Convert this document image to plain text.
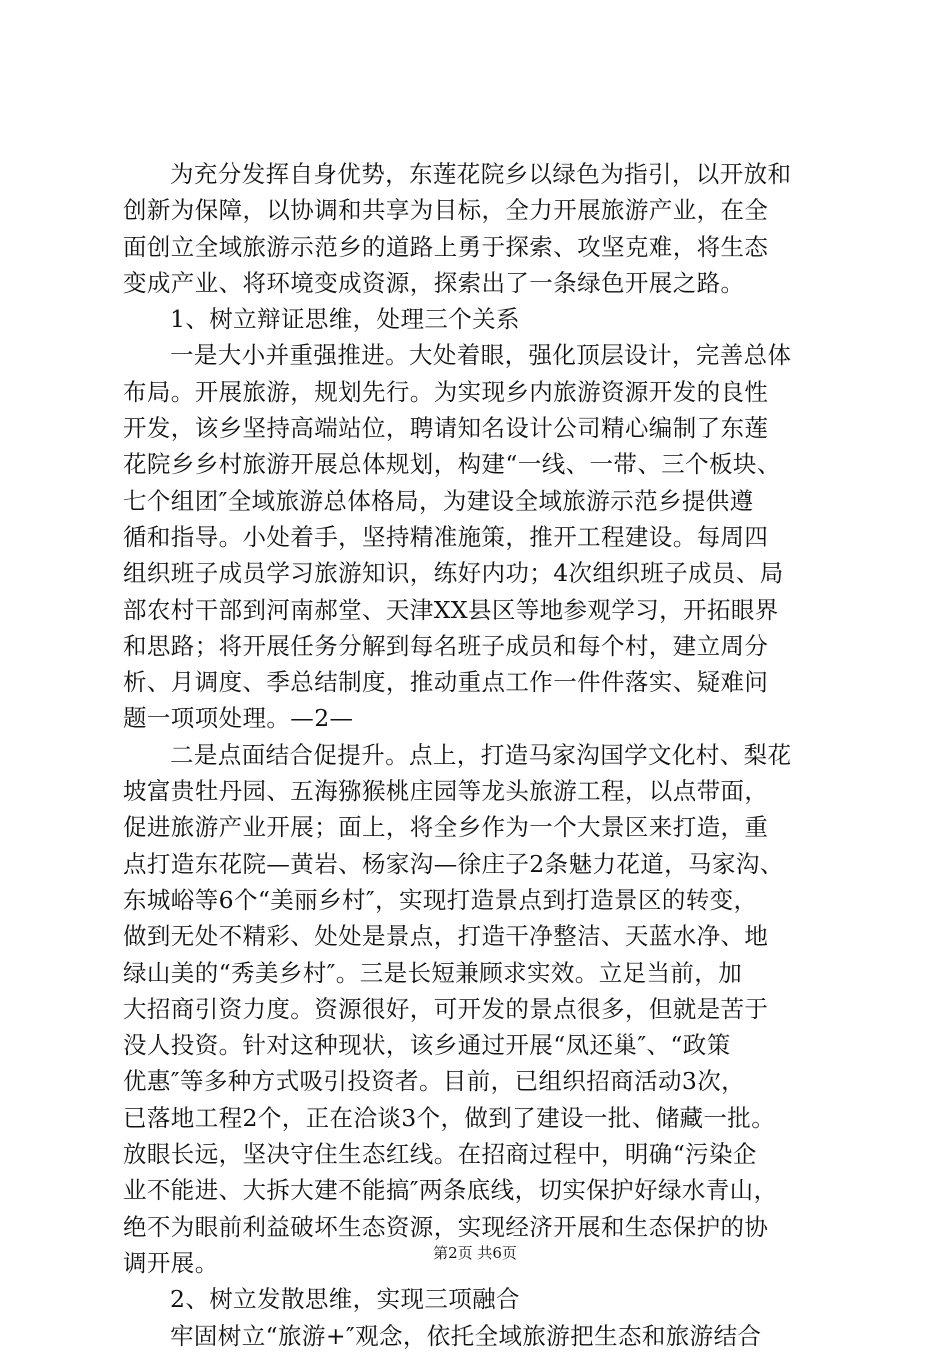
为充分发挥自身优势，东莲花院乡以绿色为指引，以开放和
创新为保障，以协调和共享为目标，全力开展旅游产业，在全
面创立全域旅游示范乡的道路上勇于探索、攻坚克难，将生态
变成产业、将环境变成资源，探索出了一条绿色开展之路。
1、树立辩证思维，处理三个关系
一是大小并重强推进。大处着眼，强化顶层设计，完善总体
布局。开展旅游，规划先行。为实现乡内旅游资源开发的良性
开发，该乡坚持高端站位，聘请知名设计公司精心编制了东莲
花院乡乡村旅游开展总体规划，构建“一线、一带、三个板块、
七个组团″全域旅游总体格局，为建设全域旅游示范乡提供遵
循和指导。小处着手，坚持精准施策，推开工程建设。每周四
组织班子成员学习旅游知识，练好内功；4次组织班子成员、局
部农村干部到河南郝堂、天津XX县区等地参观学习，开拓眼界
和思路；将开展任务分解到每名班子成员和每个村，建立周分
析、月调度、季总结制度，推动重点工作一件件落实、疑难问
题一项项处理。—2—
二是点面结合促提升。点上，打造马家沟国学文化村、梨花
坡富贵牡丹园、五海猕猴桃庄园等龙头旅游工程，以点带面，
促进旅游产业开展；面上，将全乡作为一个大景区来打造，重
点打造东花院—黄岩、杨家沟—徐庄子2条魅力花道，马家沟、
东城峪等6个“美丽乡村″，实现打造景点到打造景区的转变，
做到无处不精彩、处处是景点，打造干净整洁、天蓝水净、地
绿山美的“秀美乡村″。三是长短兼顾求实效。立足当前，加
大招商引资力度。资源很好，可开发的景点很多，但就是苦于
没人投资。针对这种现状，该乡通过开展“凤还巢″、“政策
优惠″等多种方式吸引投资者。目前，已组织招商活动3次，
已落地工程2个，正在洽谈3个，做到了建设一批、储藏一批。
放眼长远，坚决守住生态红线。在招商过程中，明确“污染企
业不能进、大拆大建不能搞″两条底线，切实保护好绿水青山，
绝不为眼前利益破坏生态资源，实现经济开展和生态保护的协
调开展。
2、树立发散思维，实现三项融合
牢固树立“旅游+″观念，依托全域旅游把生态和旅游结合
第2页 共6页
